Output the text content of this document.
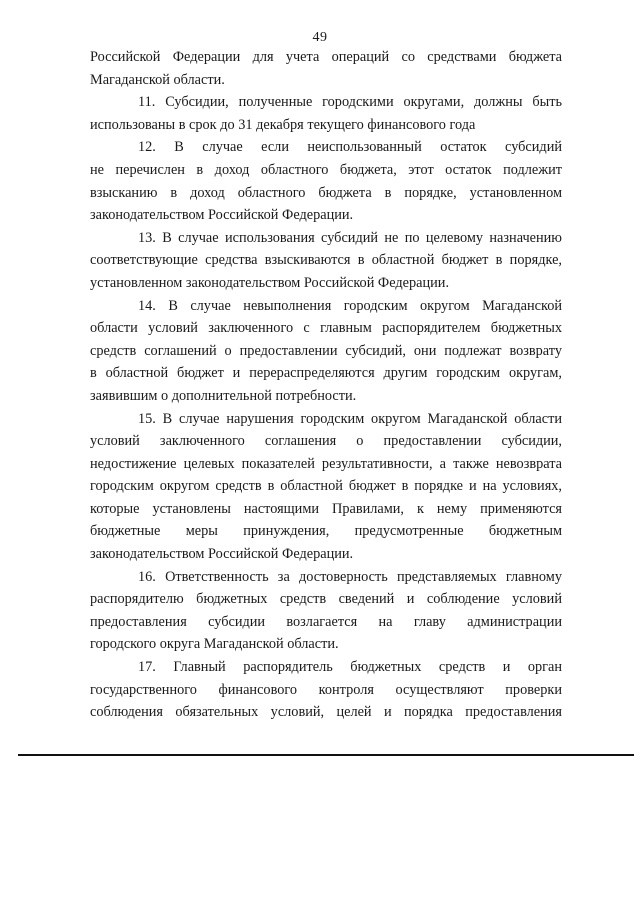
49
Российской Федерации для учета операций со средствами бюджета
Магаданской области.
11. Субсидии, полученные городскими округами, должны быть
использованы в срок до 31 декабря текущего финансового года
12. В случае если неиспользованный остаток субсидий
не перечислен в доход областного бюджета, этот остаток подлежит
взысканию в доход областного бюджета в порядке, установленном
законодательством Российской Федерации.
13. В случае использования субсидий не по целевому назначению
соответствующие средства взыскиваются в областной бюджет в порядке,
установленном законодательством Российской Федерации.
14. В случае невыполнения городским округом Магаданской
области условий заключенного с главным распорядителем бюджетных
средств соглашений о предоставлении субсидий, они подлежат возврату
в областной бюджет и перераспределяются другим городским округам,
заявившим о дополнительной потребности.
15. В случае нарушения городским округом Магаданской области
условий заключенного соглашения о предоставлении субсидии,
недостижение целевых показателей результативности, а также невозврата
городским округом средств в областной бюджет в порядке и на условиях,
которые установлены настоящими Правилами, к нему применяются
бюджетные меры принуждения, предусмотренные бюджетным
законодательством Российской Федерации.
16. Ответственность за достоверность представляемых главному
распорядителю бюджетных средств сведений и соблюдение условий
предоставления субсидии возлагается на главу администрации
городского округа Магаданской области.
17. Главный распорядитель бюджетных средств и орган
государственного финансового контроля осуществляют проверки
соблюдения обязательных условий, целей и порядка предоставления
